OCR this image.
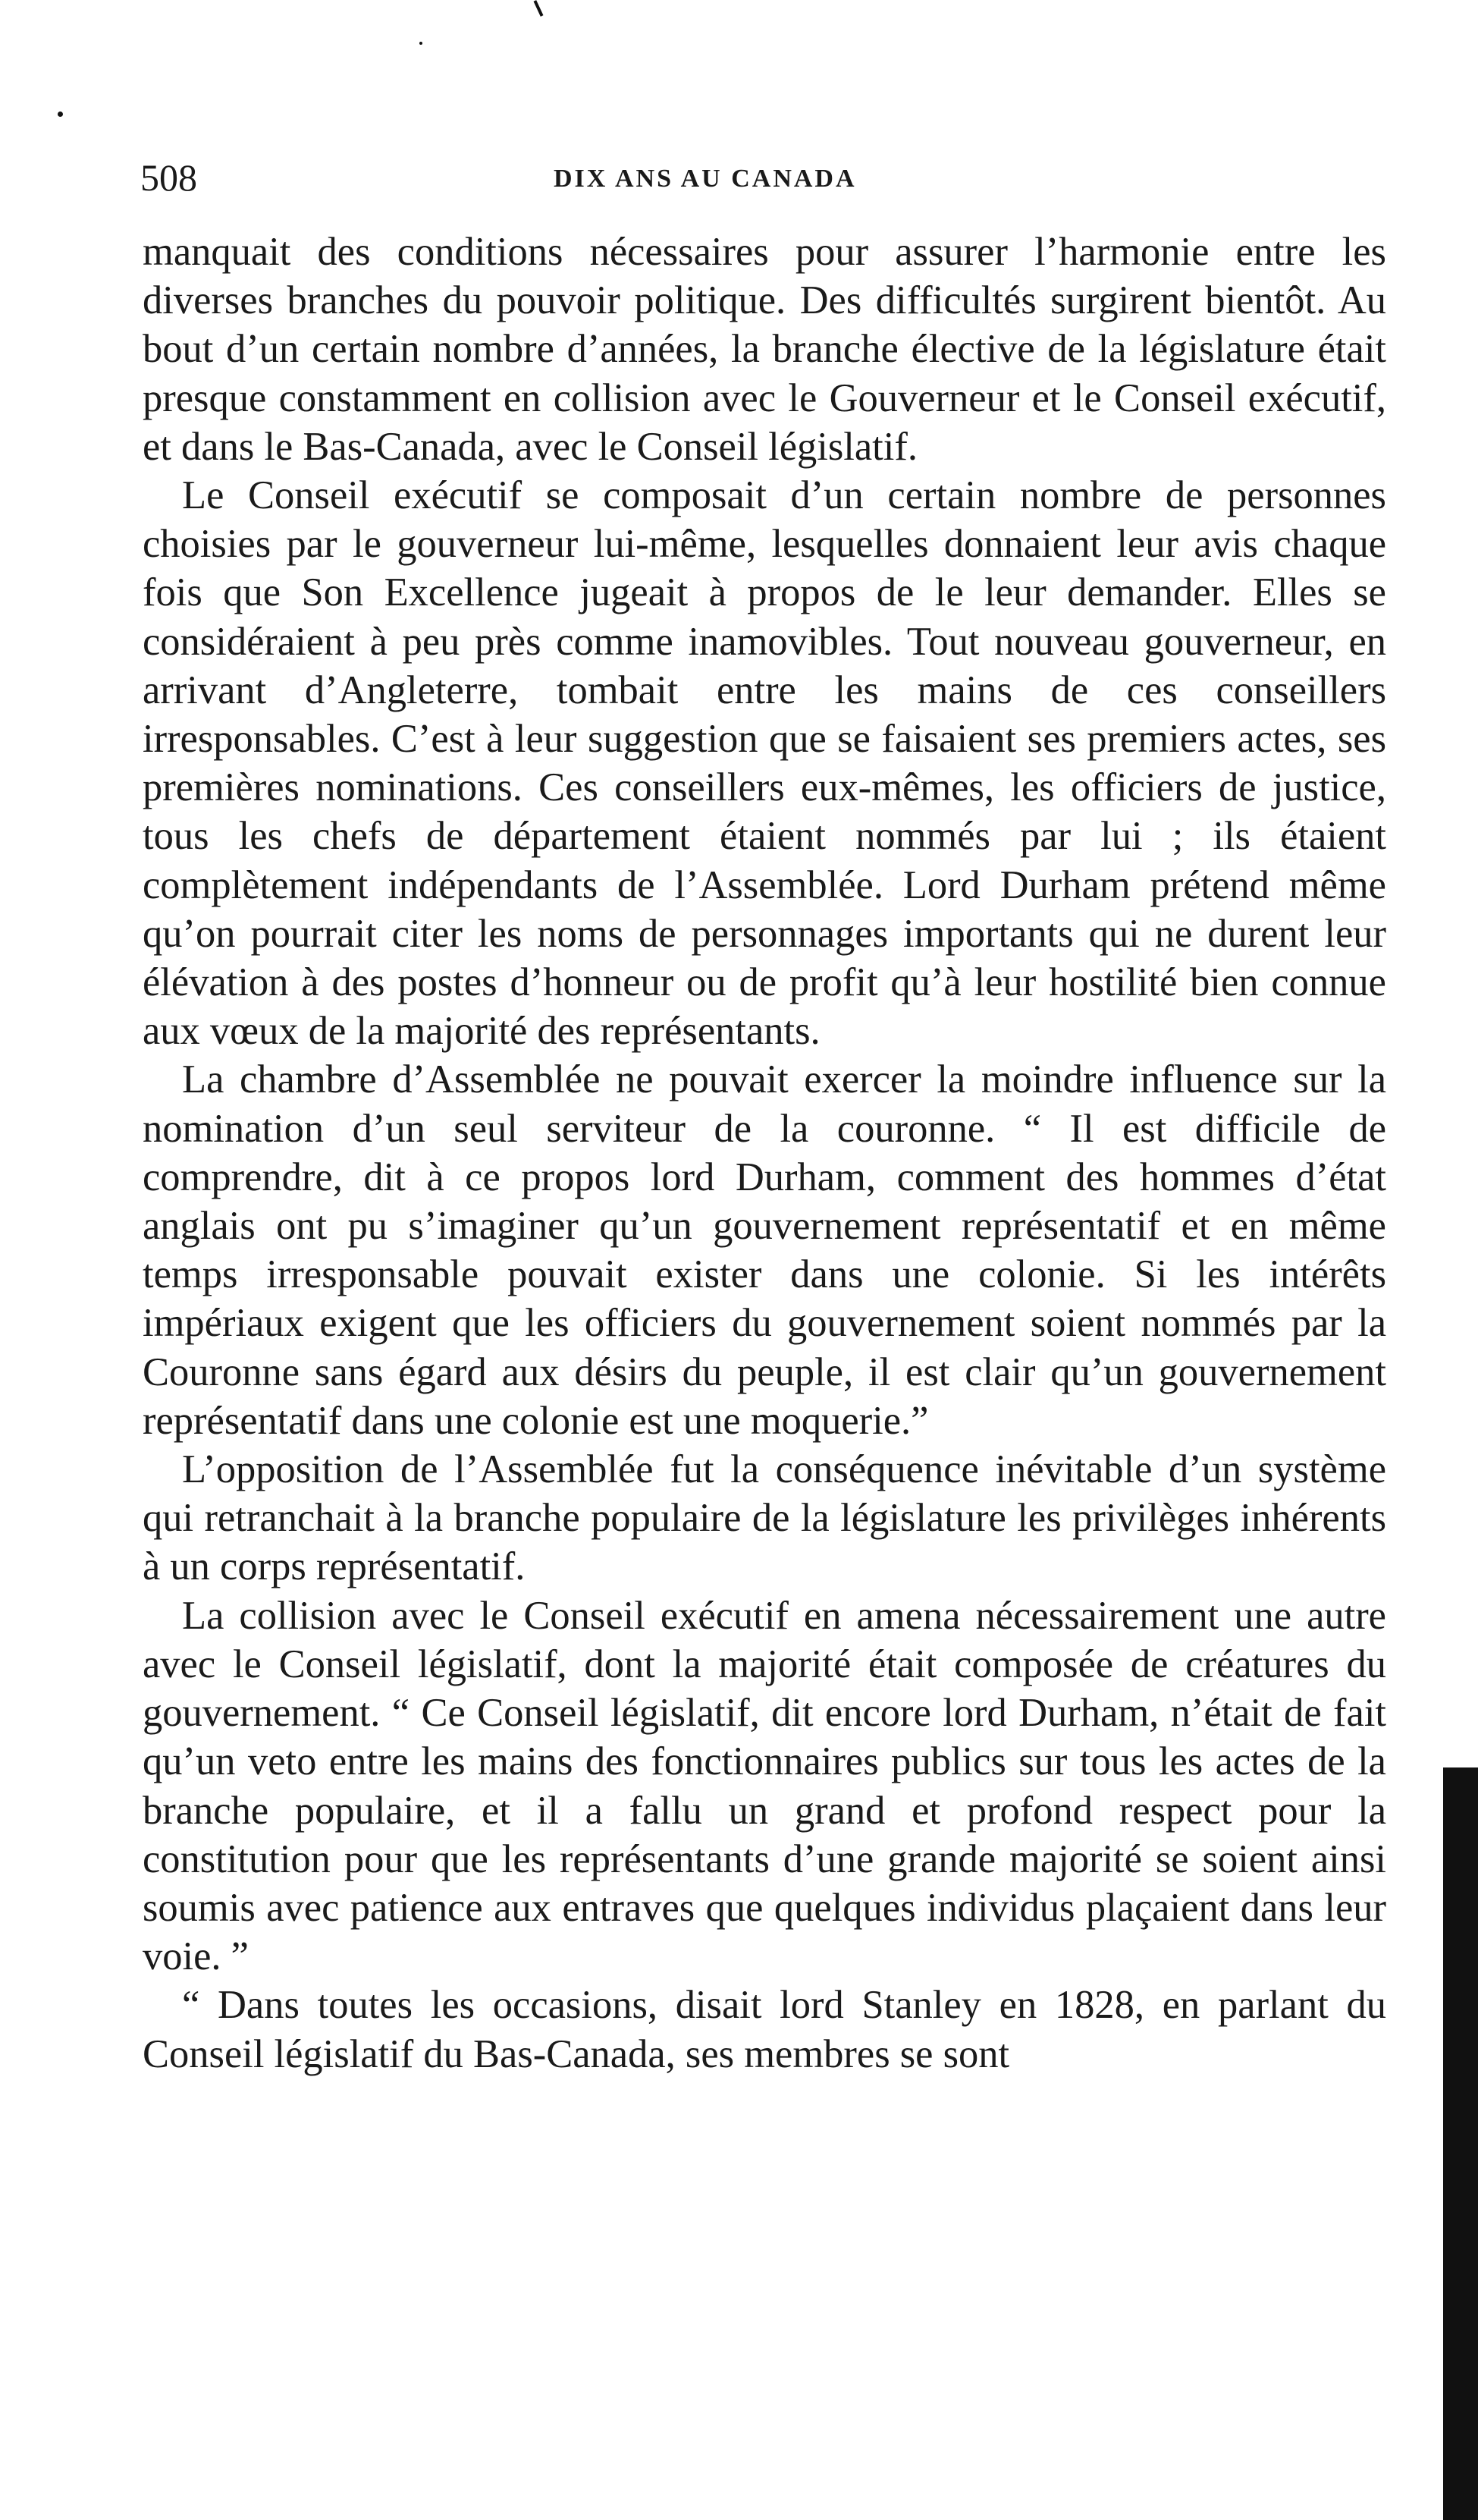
508	DIX ANS AU CANADA

manquait des conditions nécessaires pour assurer l’harmonie entre les diverses branches du pouvoir politique. Des difficultés surgirent bientôt. Au bout d’un certain nombre d’années, la branche élective de la législature était presque constamment en collision avec le Gouverneur et le Conseil exécutif, et dans le Bas-Canada, avec le Conseil législatif.

Le Conseil exécutif se composait d’un certain nombre de personnes choisies par le gouverneur lui-même, lesquelles donnaient leur avis chaque fois que Son Excellence jugeait à propos de le leur demander. Elles se considéraient à peu près comme inamovibles. Tout nouveau gouverneur, en arrivant d’Angleterre, tombait entre les mains de ces conseillers irresponsables. C’est à leur suggestion que se faisaient ses premiers actes, ses premières nominations. Ces conseillers eux-mêmes, les officiers de justice, tous les chefs de département étaient nommés par lui ; ils étaient complètement indépendants de l’Assemblée. Lord Durham prétend même qu’on pourrait citer les noms de personnages importants qui ne durent leur élévation à des postes d’honneur ou de profit qu’à leur hostilité bien connue aux vœux de la majorité des représentants.

La chambre d’Assemblée ne pouvait exercer la moindre influence sur la nomination d’un seul serviteur de la couronne. “ Il est difficile de comprendre, dit à ce propos lord Durham, comment des hommes d’état anglais ont pu s’imaginer qu’un gouvernement représentatif et en même temps irresponsable pouvait exister dans une colonie. Si les intérêts impériaux exigent que les officiers du gouvernement soient nommés par la Couronne sans égard aux désirs du peuple, il est clair qu’un gouvernement représentatif dans une colonie est une moquerie.”

L’opposition de l’Assemblée fut la conséquence inévitable d’un système qui retranchait à la branche populaire de la législature les privilèges inhérents à un corps représentatif.

La collision avec le Conseil exécutif en amena nécessairement une autre avec le Conseil législatif, dont la majorité était composée de créatures du gouvernement. “ Ce Conseil législatif, dit encore lord Durham, n’était de fait qu’un veto entre les mains des fonctionnaires publics sur tous les actes de la branche populaire, et il a fallu un grand et profond respect pour la constitution pour que les représentants d’une grande majorité se soient ainsi soumis avec patience aux entraves que quelques individus plaçaient dans leur voie. ”

“ Dans toutes les occasions, disait lord Stanley en 1828, en parlant du Conseil législatif du Bas-Canada, ses membres se sont
